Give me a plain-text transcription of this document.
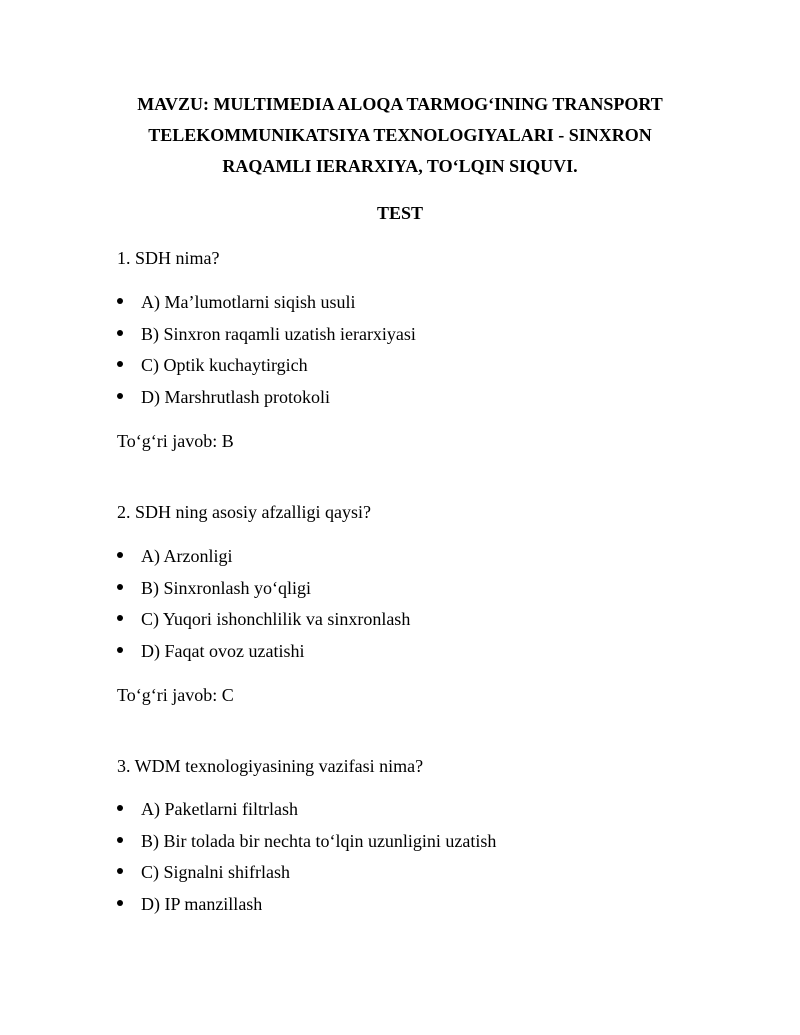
MAVZU: MULTIMEDIA ALOQA TARMOG‘INING TRANSPORT
TELEKOMMUNIKATSIYA TEXNOLOGIYALARI - SINXRON
RAQAMLI IERARXIYA, TO‘LQIN SIQUVI.
TEST
1. SDH nima?
A) Ma’lumotlarni siqish usuli
B) Sinxron raqamli uzatish ierarxiyasi
C) Optik kuchaytirgich
D) Marshrutlash protokoli
To‘g‘ri javob: B
2. SDH ning asosiy afzalligi qaysi?
A) Arzonligi
B) Sinxronlash yo‘qligi
C) Yuqori ishonchlilik va sinxronlash
D) Faqat ovoz uzatishi
To‘g‘ri javob: C
3. WDM texnologiyasining vazifasi nima?
A) Paketlarni filtrlash
B) Bir tolada bir nechta to‘lqin uzunligini uzatish
C) Signalni shifrlash
D) IP manzillash
